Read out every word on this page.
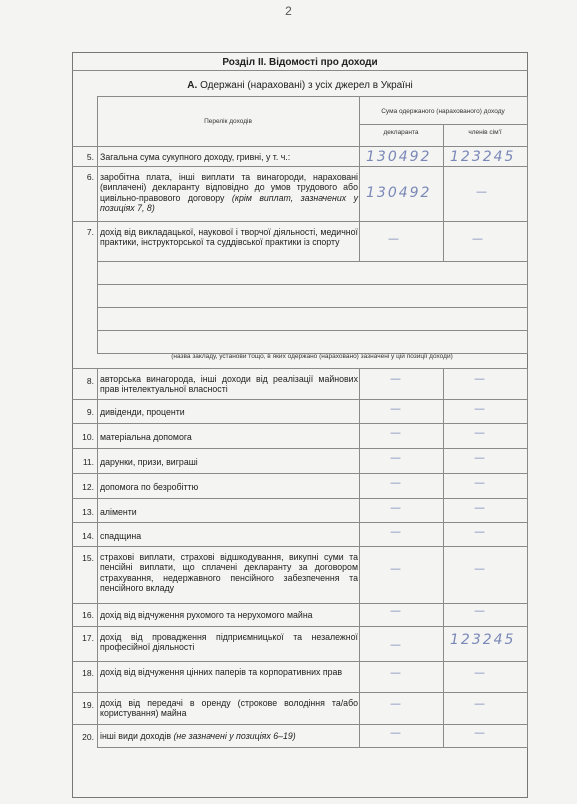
2
Розділ ІІ. Відомості про доходи
А. Одержані (нараховані) з усіх джерел в Україні
Перелік доходів
Сума одержаного (нарахованого) доходу
декларанта	членів сім'ї
5. Загальна сума сукупного доходу, гривні, у т. ч.:	130492 123245
6. заробітна плата, інші виплати та винагороди, нараховані (виплачені) декларанту відповідно до умов трудового або цивільно-правового договору (крім виплат, зазначених у позиціях 7, 8)
130492	—
7. дохід від викладацької, наукової і творчої діяльності, медичної практики, інструкторської та суддівської практики із спорту	—	—
(назва закладу, установи тощо, в яких одержано (нараховано) зазначені у цій позиції доходи)
8. авторська винагорода, інші доходи від реалізації майнових прав інтелектуальної власності
—	—
9. дивіденди, проценти	—	—
10. матеріальна допомога	—	—
11. дарунки, призи, виграші	—	—
12. допомога по безробіттю	—	—
13. аліменти	—	—
14. спадщина	—	—
15. страхові виплати, страхові відшкодування, викупні суми та пенсійні виплати, що сплачені декларанту за договором страхування, недержавного пенсійного забезпечення та пенсійного вкладу
—	—
16. дохід від відчуження рухомого та нерухомого майна	—	—
17. дохід від провадження підприємницької та незалежної професійної діяльності	—	123245
18. дохід від відчуження цінних паперів та корпоративних прав	—	—
19. дохід від передачі в оренду (строкове володіння та/або користування) майна
—	—
20. інші види доходів (не зазначені у позиціях 6–19)	—	—
